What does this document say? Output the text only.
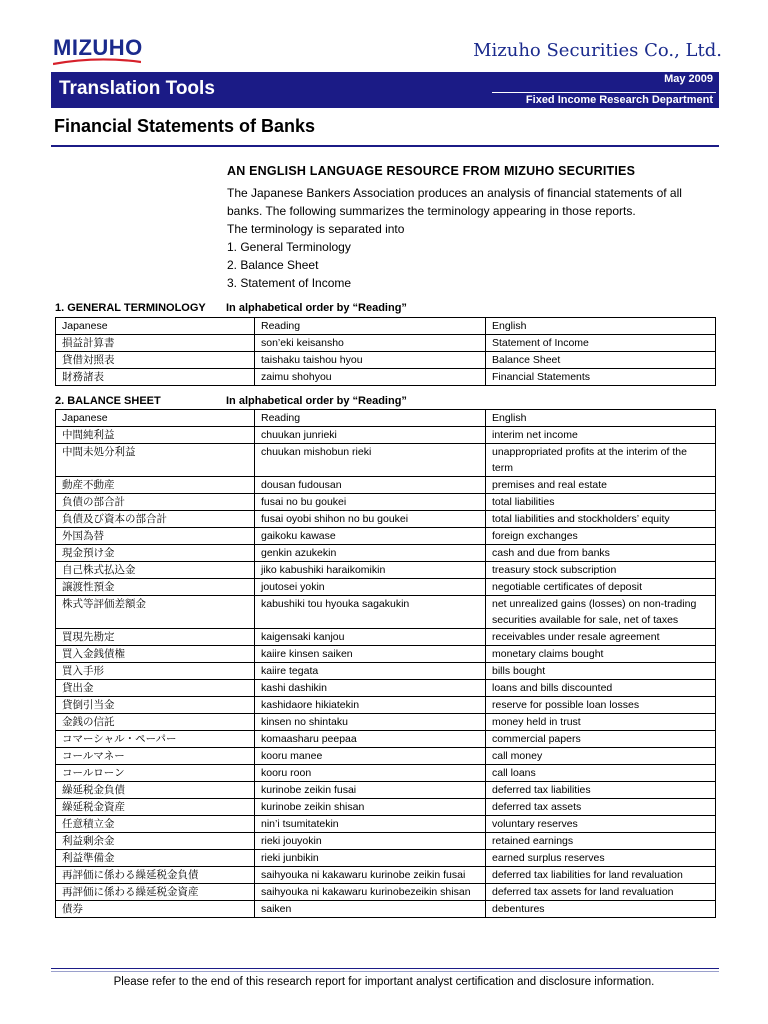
MIZUHO	Mizuho Securities Co., Ltd.
Translation Tools	May 2009
Fixed Income Research Department
Financial Statements of Banks
AN ENGLISH LANGUAGE RESOURCE FROM MIZUHO SECURITIES

The Japanese Bankers Association produces an analysis of financial statements of all banks. The following summarizes the terminology appearing in those reports.

The terminology is separated into

1. General Terminology

2. Balance Sheet

3. Statement of Income

1. GENERAL TERMINOLOGY In alphabetical order by “Reading”
Japanese	Reading	English
損益計算書	son’eki keisansho	Statement of Income
貸借対照表	taishaku taishou hyou	Balance Sheet
財務諸表	zaimu shohyou	Financial Statements
2. BALANCE SHEET	In alphabetical order by “Reading”
Japanese	Reading	English
中間純利益	chuukan junrieki	interim net income
中間未処分利益	chuukan mishobun rieki	unappropriated profits at the interim of the term
動産不動産	dousan fudousan	premises and real estate
負債の部合計	fusai no bu goukei	total liabilities
負債及び資本の部合計	fusai oyobi shihon no bu goukei	total liabilities and stockholders’ equity
外国為替	gaikoku kawase	foreign exchanges
現金預け金	genkin azukekin	cash and due from banks
自己株式払込金	jiko kabushiki haraikomikin	treasury stock subscription
譲渡性預金	joutosei yokin	negotiable certificates of deposit
株式等評価差額金	kabushiki tou hyouka sagakukin	net unrealized gains (losses) on non-trading securities available for sale, net of taxes
買現先勘定	kaigensaki kanjou	receivables under resale agreement
買入金銭債権	kaiire kinsen saiken	monetary claims bought
買入手形	kaiire tegata	bills bought
貸出金	kashi dashikin	loans and bills discounted
貸倒引当金	kashidaore hikiatekin	reserve for possible loan losses
金銭の信託	kinsen no shintaku	money held in trust
コマーシャル・ペーパー	komaasharu peepaa	commercial papers
コールマネー	kooru manee	call money
コールローン	kooru roon	call loans
繰延税金負債	kurinobe zeikin fusai	deferred tax liabilities
繰延税金資産	kurinobe zeikin shisan	deferred tax assets
任意積立金	nin’i tsumitatekin	voluntary reserves
利益剰余金	rieki jouyokin	retained earnings
利益準備金	rieki junbikin	earned surplus reserves
再評価に係わる繰延税金負債	saihyouka ni kakawaru kurinobe zeikin fusai	deferred tax liabilities for land revaluation
再評価に係わる繰延税金資産	saihyouka ni kakawaru kurinobezeikin shisan	deferred tax assets for land revaluation
債券	saiken	debentures
Please refer to the end of this research report for important analyst certification and disclosure information.
